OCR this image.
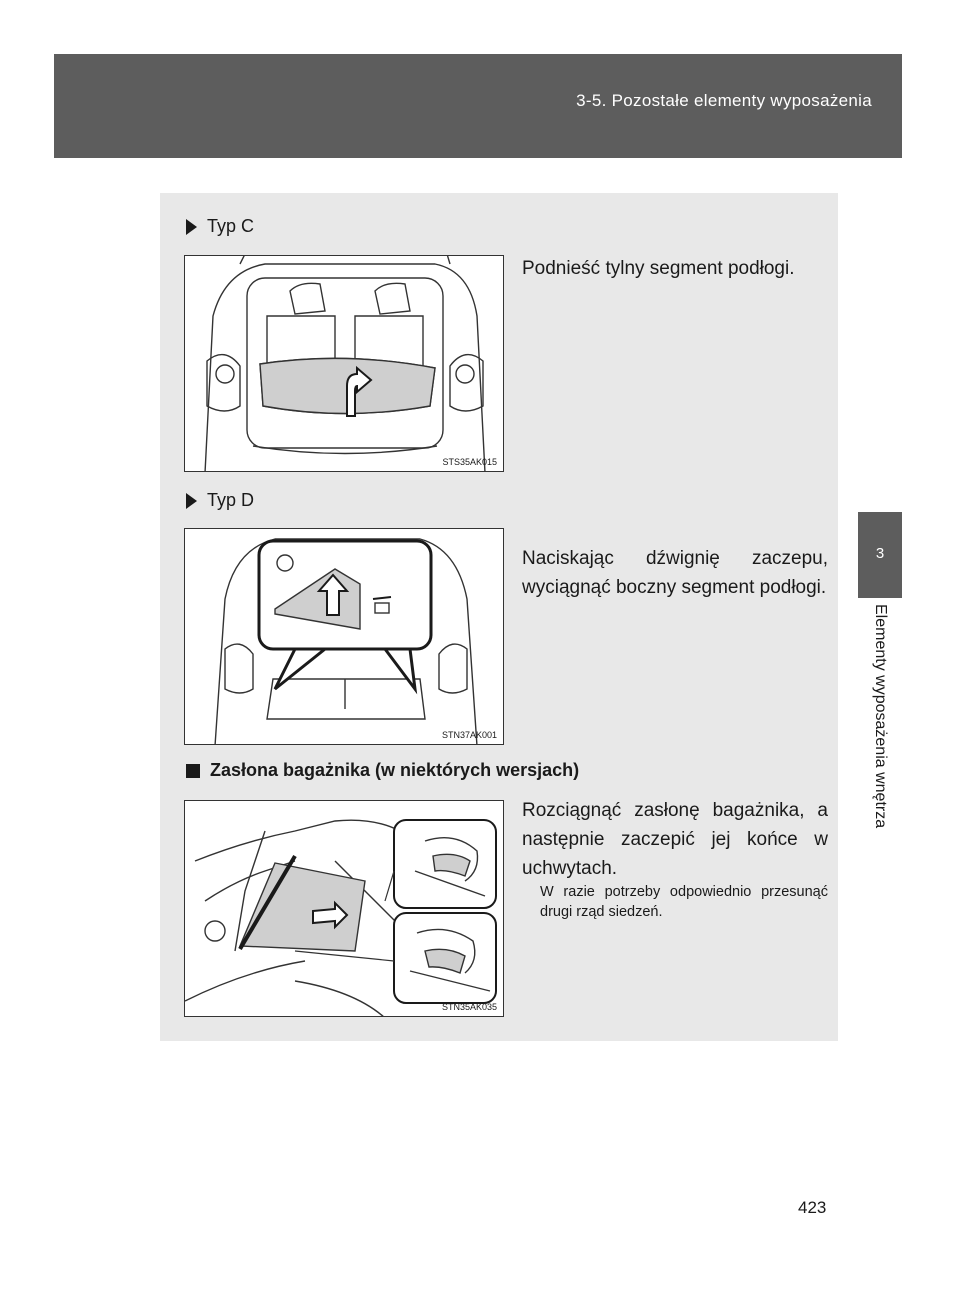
3-5. Pozostałe elementy wyposażenia
3
Elementy wyposażenia wnętrza
Typ C
STS35AK015
Podnieść tylny segment podłogi.
Typ D
STN37AK001
Naciskając dźwignię zaczepu, wyciągnąć boczny segment podłogi.
Zasłona bagażnika (w niektórych wersjach)
STN35AK035
Rozciągnąć zasłonę bagażnika, a następnie zaczepić jej końce w uchwytach.
W razie potrzeby odpowiednio przesunąć drugi rząd siedzeń.
423
